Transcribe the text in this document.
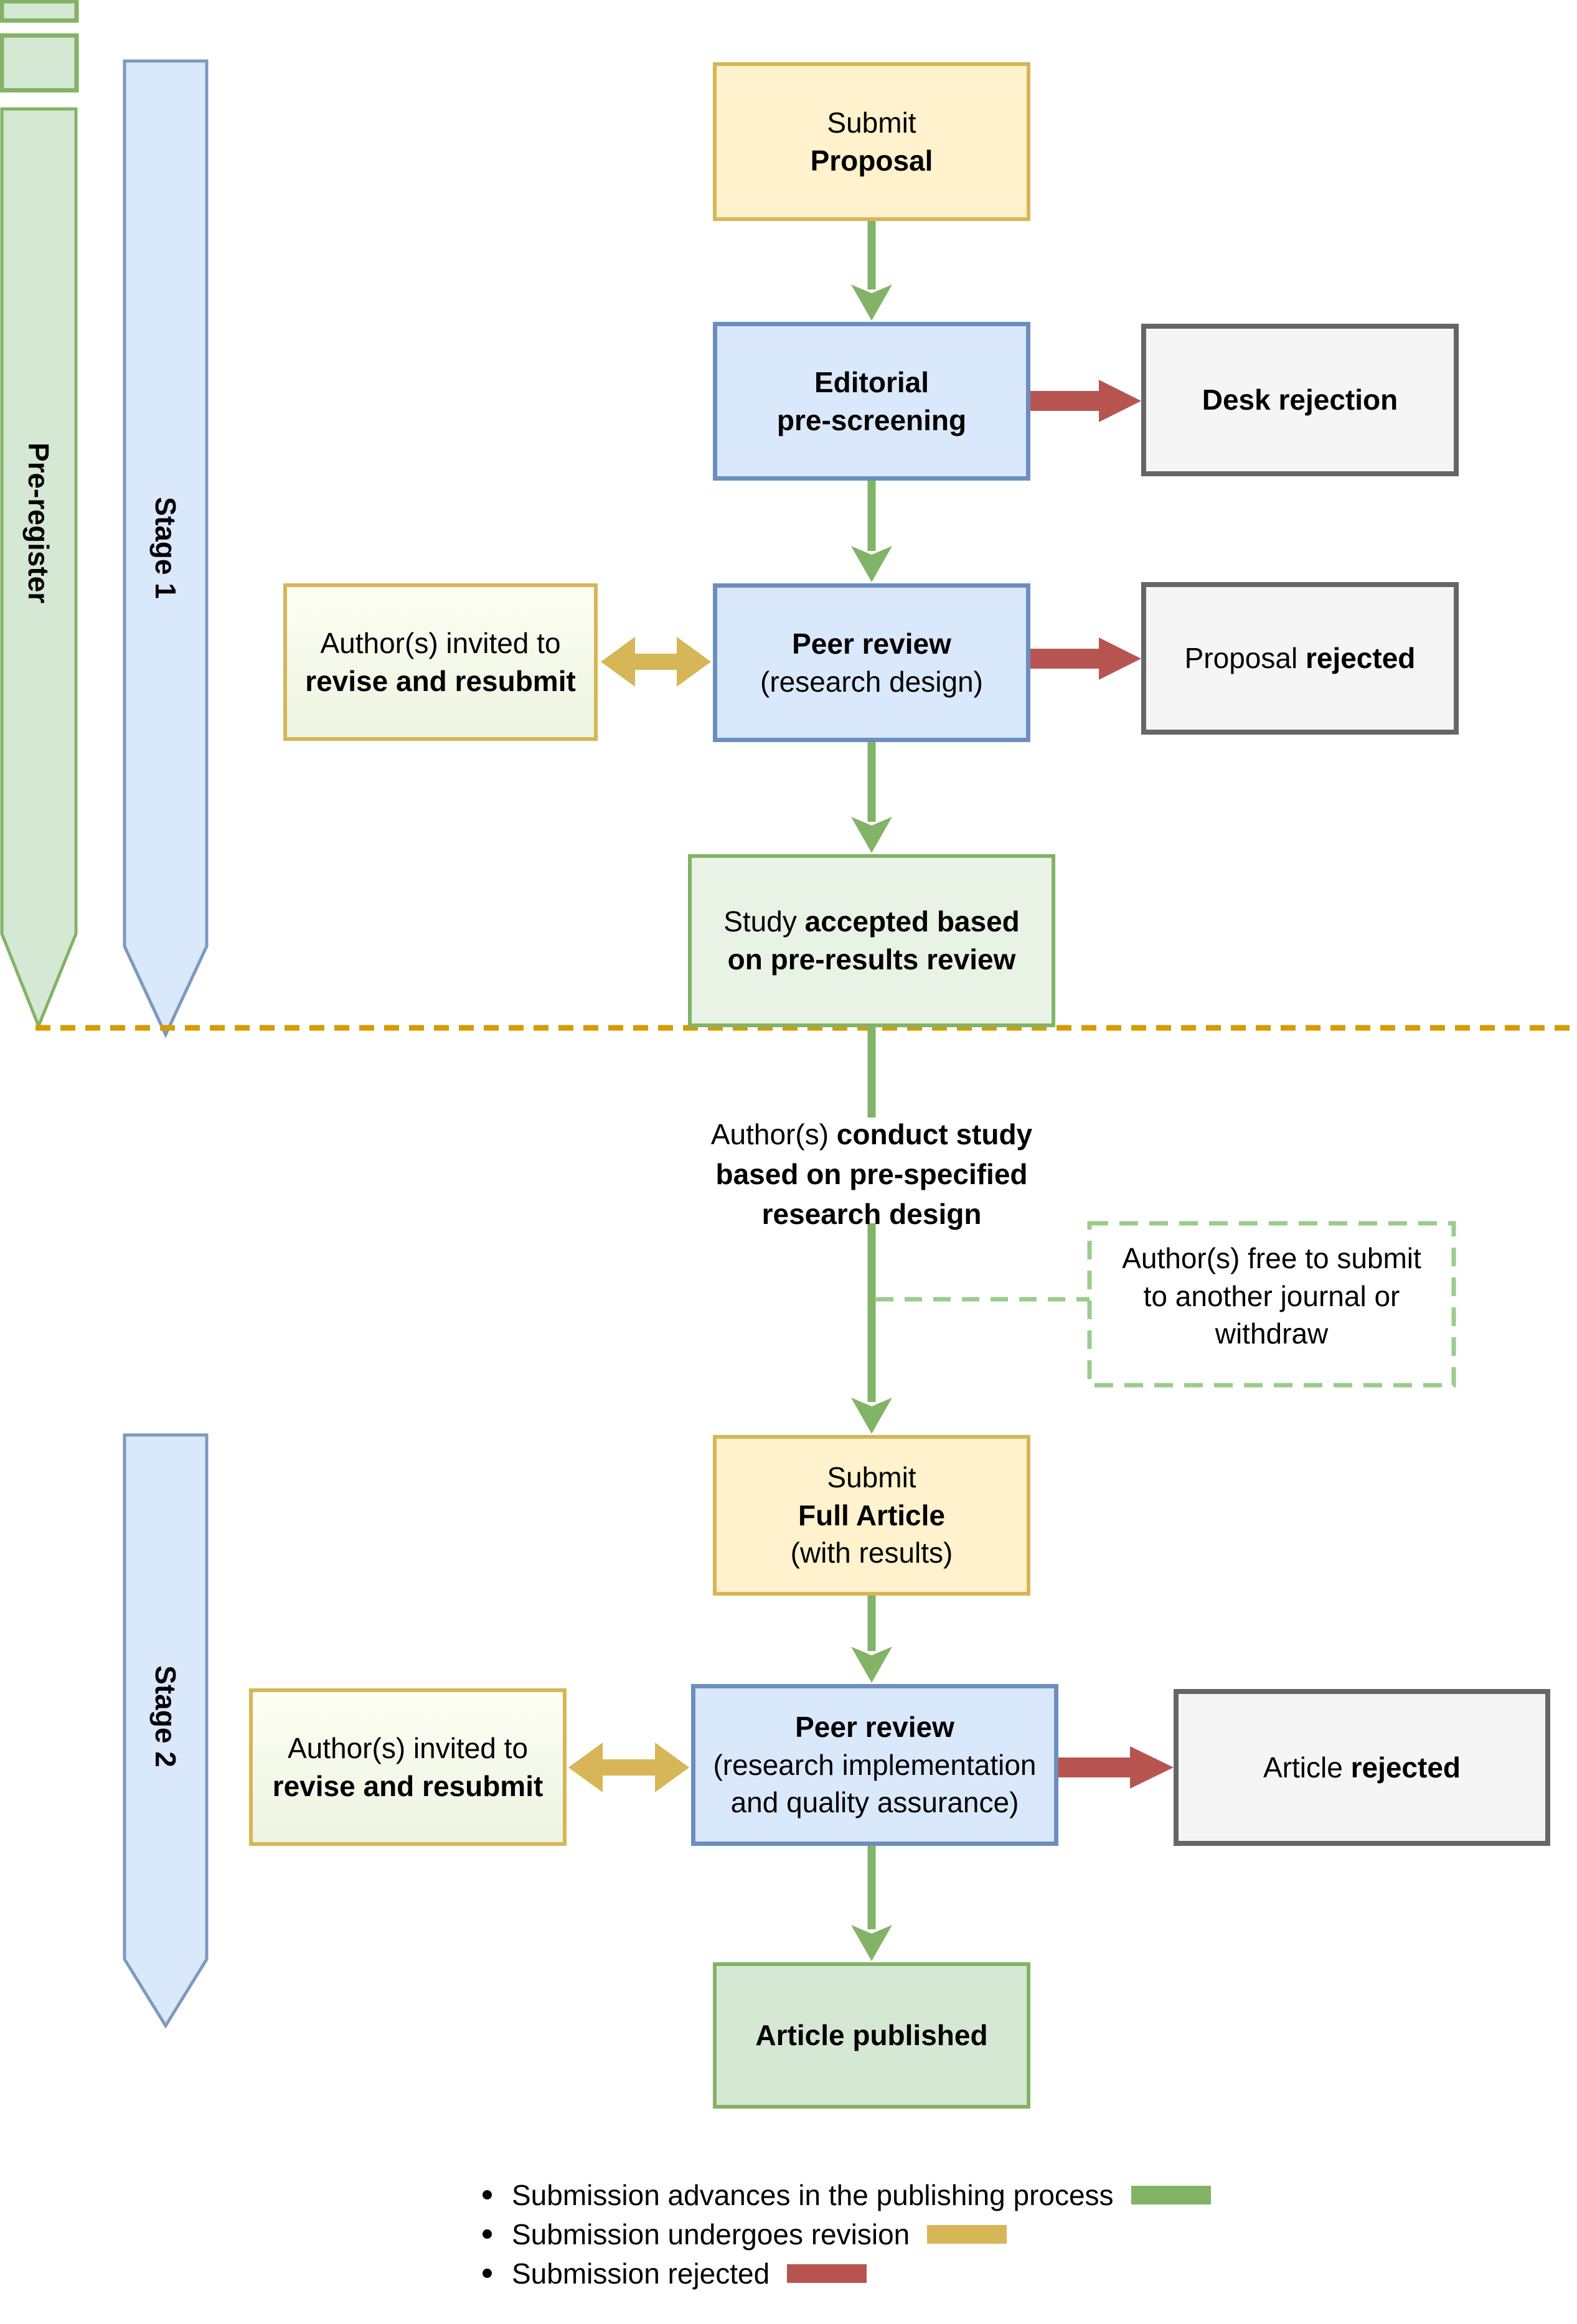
Pre-register	Stage 1
Stage 2
Submit
Proposal
Editorial
pre-screening
Desk rejection
Author(s) invited to
revise and resubmit
Peer review
(research design)
Proposal rejected
Study accepted based
on pre-results review
Author(s) conduct study
based on pre-specified
research design
Author(s) free to submit
to another journal or
withdraw
Submit
Full Article
(with results)
Author(s) invited to
revise and resubmit
Peer review
(research implementation
and quality assurance)
Article rejected
Article published
Submission advances in the publishing process
Submission undergoes revision
Submission rejected
